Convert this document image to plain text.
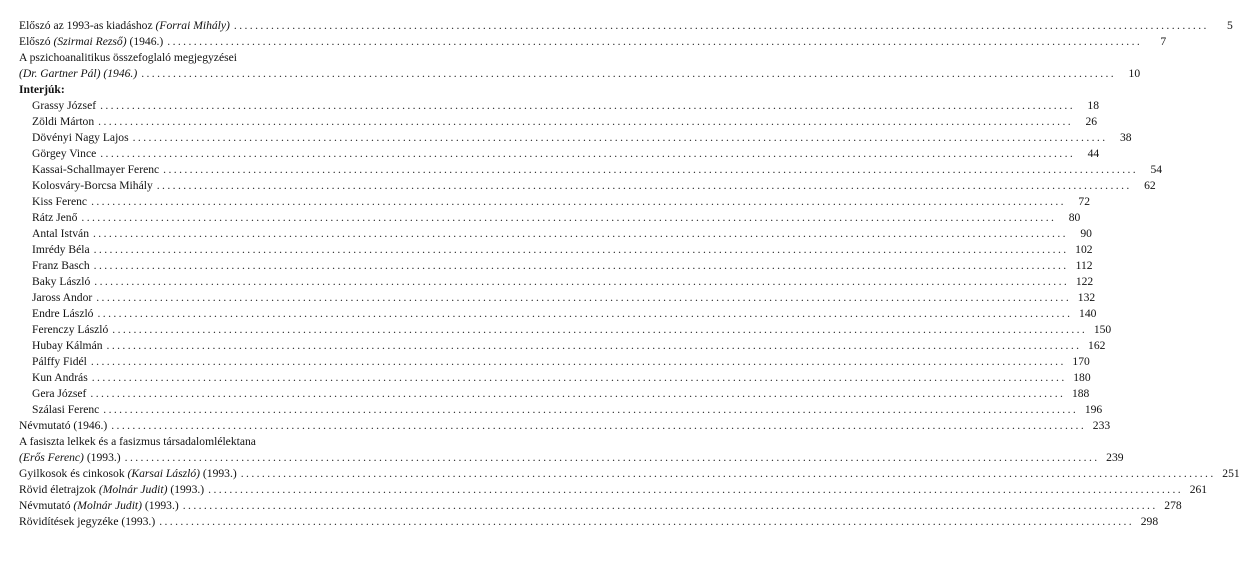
Előszó az 1993-as kiadáshoz (Forrai Mihály) .....	5
Előszó (Szirmai Rezső) (1946.) .....	7
A pszichoanalitikus összefoglaló megjegyzései
(Dr. Gartner Pál) (1946.) .....	10
Interjúk:
Grassy József .....	18
Zöldi Márton .....	26
Dövényi Nagy Lajos .....	38
Görgey Vince .....	44
Kassai-Schallmayer Ferenc .....	54
Kolosváry-Borcsa Mihály .....	62
Kiss Ferenc .....	72
Rátz Jenő .....	80
Antal István .....	90
Imrédy Béla .....	102
Franz Basch .....	112
Baky László .....	122
Jaross Andor .....	132
Endre László .....	140
Ferenczy László .....	150
Hubay Kálmán .....	162
Pálffy Fidél .....	170
Kun András .....	180
Gera József .....	188
Szálasi Ferenc .....	196
Névmutató (1946.) .....	233
A fasiszta lelkek és a fasizmus társadalomlélektana
(Erős Ferenc) (1993.) .....	239
Gyilkosok és cinkosok (Karsai László) (1993.) .....	251
Rövid életrajzok (Molnár Judit) (1993.) .....	261
Névmutató (Molnár Judit) (1993.) .....	278
Rövidítések jegyzéke (1993.) .....	298
